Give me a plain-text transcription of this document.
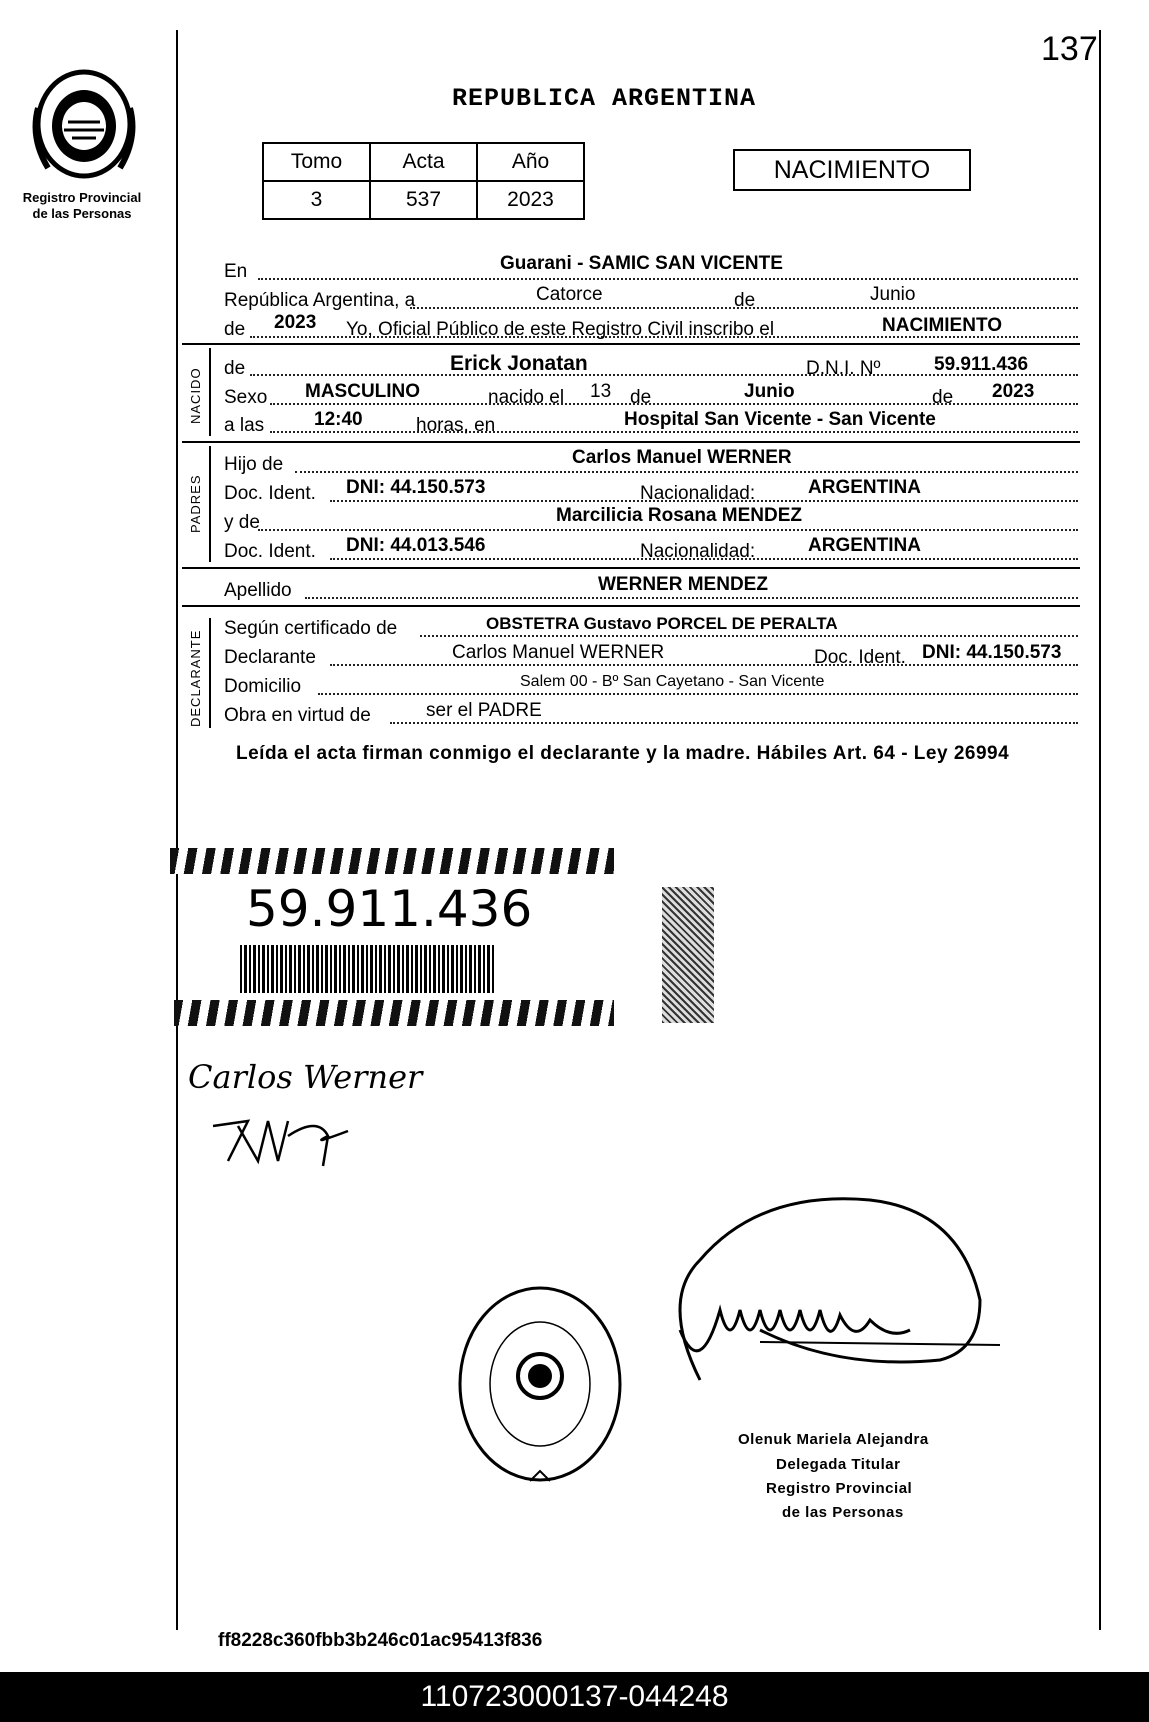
137
Registro Provincial
de las Personas
REPUBLICA ARGENTINA
Tomo	Acta	Año
3	537	2023
NACIMIENTO
NACIDO
PADRES
DECLARANTE
En	Guarani - SAMIC SAN VICENTE
República Argentina, a	Catorce	de	Junio
de 2023 Yo, Oficial Público de este Registro Civil inscribo el	NACIMIENTO
de	Erick Jonatan	D.N.I. Nº	59.911.436
Sexo MASCULINO	nacido el 13 de	Junio	de 2023
a las	12:40	horas, en	Hospital San Vicente - San Vicente
Hijo de	Carlos Manuel WERNER
Doc. Ident. DNI: 44.150.573	Nacionalidad:	ARGENTINA
y de	Marcilicia Rosana MENDEZ
Doc. Ident. DNI: 44.013.546	Nacionalidad:	ARGENTINA
Apellido	WERNER MENDEZ
Según certificado de	OBSTETRA Gustavo PORCEL DE PERALTA
Declarante	Carlos Manuel WERNER	Doc. Ident. DNI: 44.150.573
Domicilio	Salem 00 - Bº San Cayetano - San Vicente
Obra en virtud de	ser el PADRE
Leída el acta firman conmigo el declarante y la madre. Hábiles Art. 64 - Ley 26994
59.911.436
Carlos Werner
Olenuk Mariela Alejandra
Delegada Titular
Registro Provincial
de las Personas
ff8228c360fbb3b246c01ac95413f836
110723000137-044248
